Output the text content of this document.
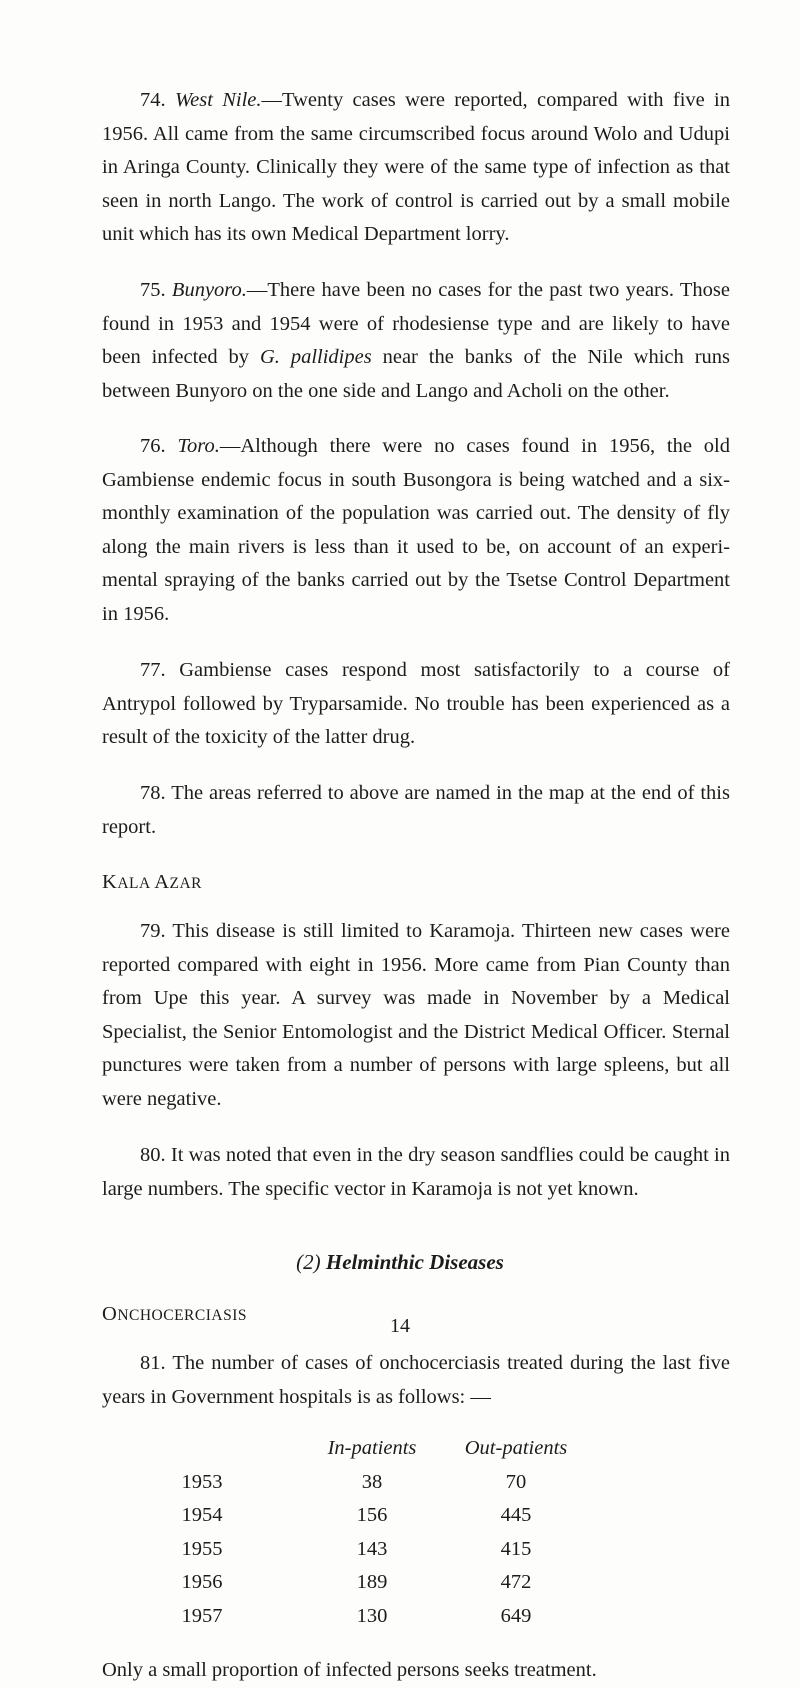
74. West Nile.—Twenty cases were reported, compared with five in 1956. All came from the same circumscribed focus around Wolo and Udupi in Aringa County. Clinically they were of the same type of infection as that seen in north Lango. The work of control is carried out by a small mobile unit which has its own Medical Department lorry.

75. Bunyoro.—There have been no cases for the past two years. Those found in 1953 and 1954 were of rhodesiense type and are likely to have been infected by G. pallidipes near the banks of the Nile which runs between Bunyoro on the one side and Lango and Acholi on the other.

76. Toro.—Although there were no cases found in 1956, the old Gambiense endemic focus in south Busongora is being watched and a six-monthly examination of the population was carried out. The density of fly along the main rivers is less than it used to be, on account of an experimental spraying of the banks carried out by the Tsetse Control Department in 1956.

77. Gambiense cases respond most satisfactorily to a course of Antrypol followed by Tryparsamide. No trouble has been experienced as a result of the toxicity of the latter drug.

78. The areas referred to above are named in the map at the end of this report.

KALA AZAR

79. This disease is still limited to Karamoja. Thirteen new cases were reported compared with eight in 1956. More came from Pian County than from Upe this year. A survey was made in November by a Medical Specialist, the Senior Entomologist and the District Medical Officer. Sternal punctures were taken from a number of persons with large spleens, but all were negative.

80. It was noted that even in the dry season sandflies could be caught in large numbers. The specific vector in Karamoja is not yet known.

(2) Helminthic Diseases

ONCHOCERCIASIS

81. The number of cases of onchocerciasis treated during the last five years in Government hospitals is as follows: —

	In-patients	Out-patients
1953	38	70
1954	156	445
1955	143	415
1956	189	472
1957	130	649

Only a small proportion of infected persons seeks treatment.

14
